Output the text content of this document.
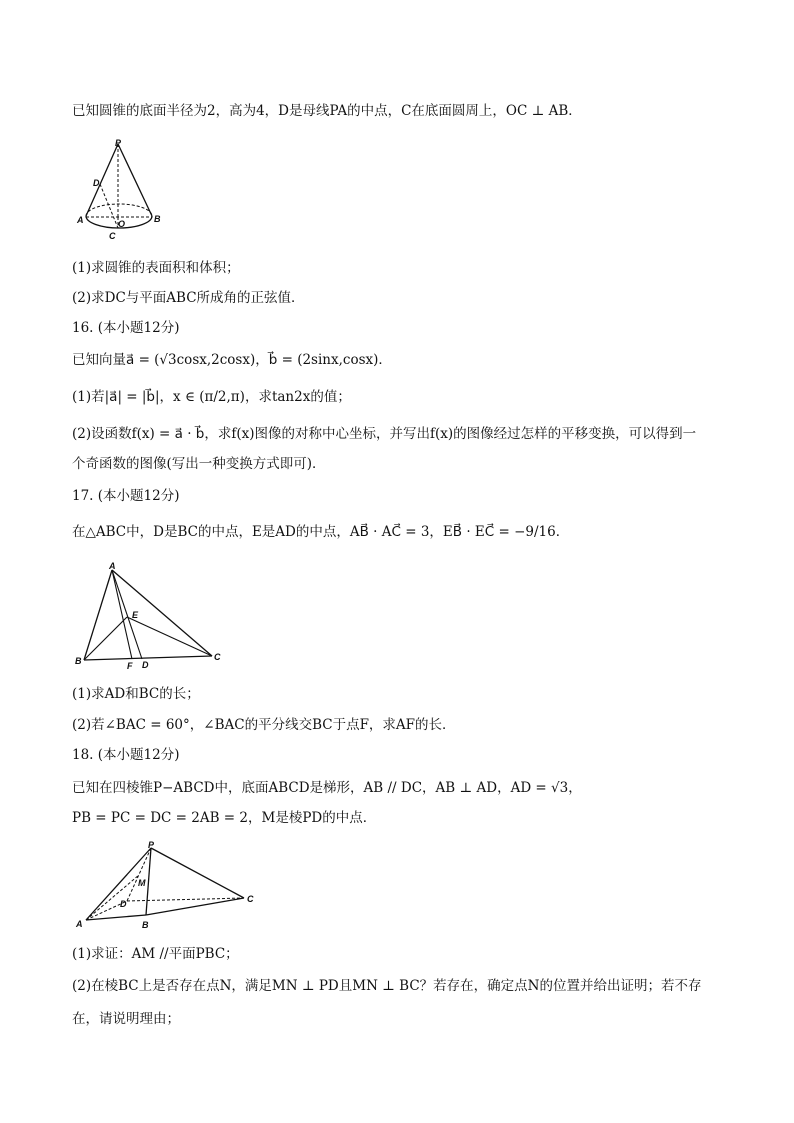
已知圆锥的底面半径为2，高为4，D是母线PA的中点，C在底面圆周上，OC ⊥ AB．
P
D
A	O	B
C
(1)求圆锥的表面积和体积；
(2)求DC与平面ABC所成角的正弦值．
16. (本小题12分)
已知向量a⃗ = (√3cosx,2cosx)，b⃗ = (2sinx,cosx)．
(1)若|a⃗| = |b⃗|，x ∈ (π/2,π)，求tan2x的值；
(2)设函数f(x) = a⃗ · b⃗，求f(x)图像的对称中心坐标，并写出f(x)的图像经过怎样的平移变换，可以得到一
个奇函数的图像(写出一种变换方式即可)．
17. (本小题12分)
在△ABC中，D是BC的中点，E是AD的中点，AB⃗ · AC⃗ = 3，EB⃗ · EC⃗ = −9/16．
A
E
B	F D
C
(1)求AD和BC的长；
(2)若∠BAC = 60°，∠BAC的平分线交BC于点F，求AF的长．
18. (本小题12分)
已知在四棱锥P−ABCD中，底面ABCD是梯形，AB // DC，AB ⊥ AD，AD = √3，
PB = PC = DC = 2AB = 2，M是棱PD的中点．
P
M
D
A	B
C
(1)求证：AM //平面PBC；
(2)在棱BC上是否存在点N，满足MN ⊥ PD且MN ⊥ BC？若存在，确定点N的位置并给出证明；若不存
在，请说明理由；
